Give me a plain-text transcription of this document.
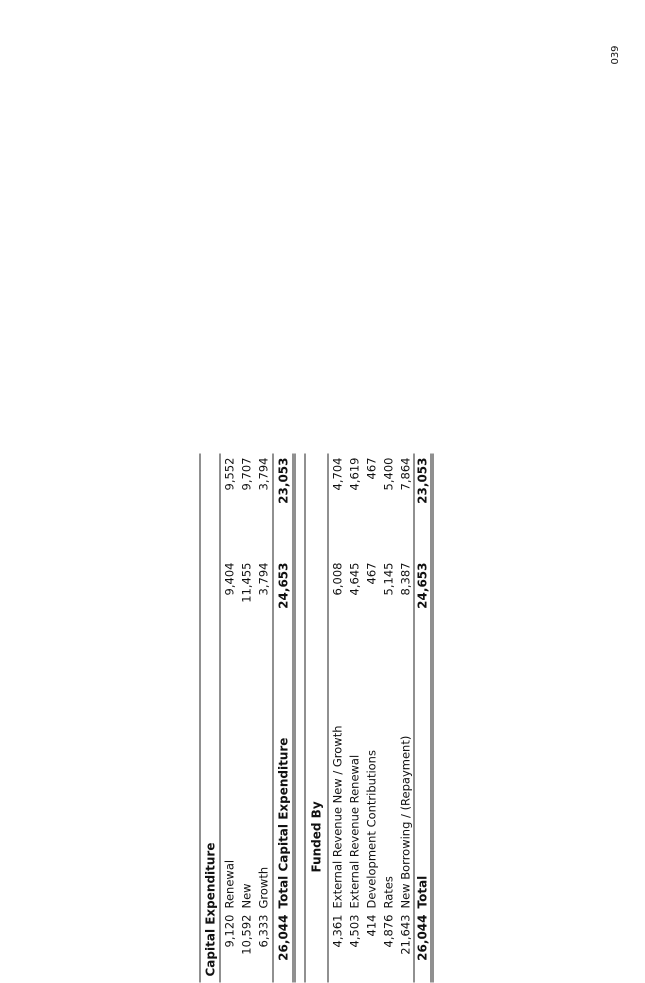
039
Capital Expenditure 9,120
Renewal
9,404
9,552
10,592
New
11,455
9,707
6,333
Growth
3,794
3,794
26,044
Total Capital Expenditure
24,653
23,053
Funded By
4,361
External Revenue New / Growth
6,008
4,704
4,503
External Revenue Renewal
4,645
4,619
414
Development Contributions
467
467
4,876
Rates
5,145
5,400
21,643
New Borrowing / (Repayment)
8,387
7,864
26,044
Total
24,653
23,053
